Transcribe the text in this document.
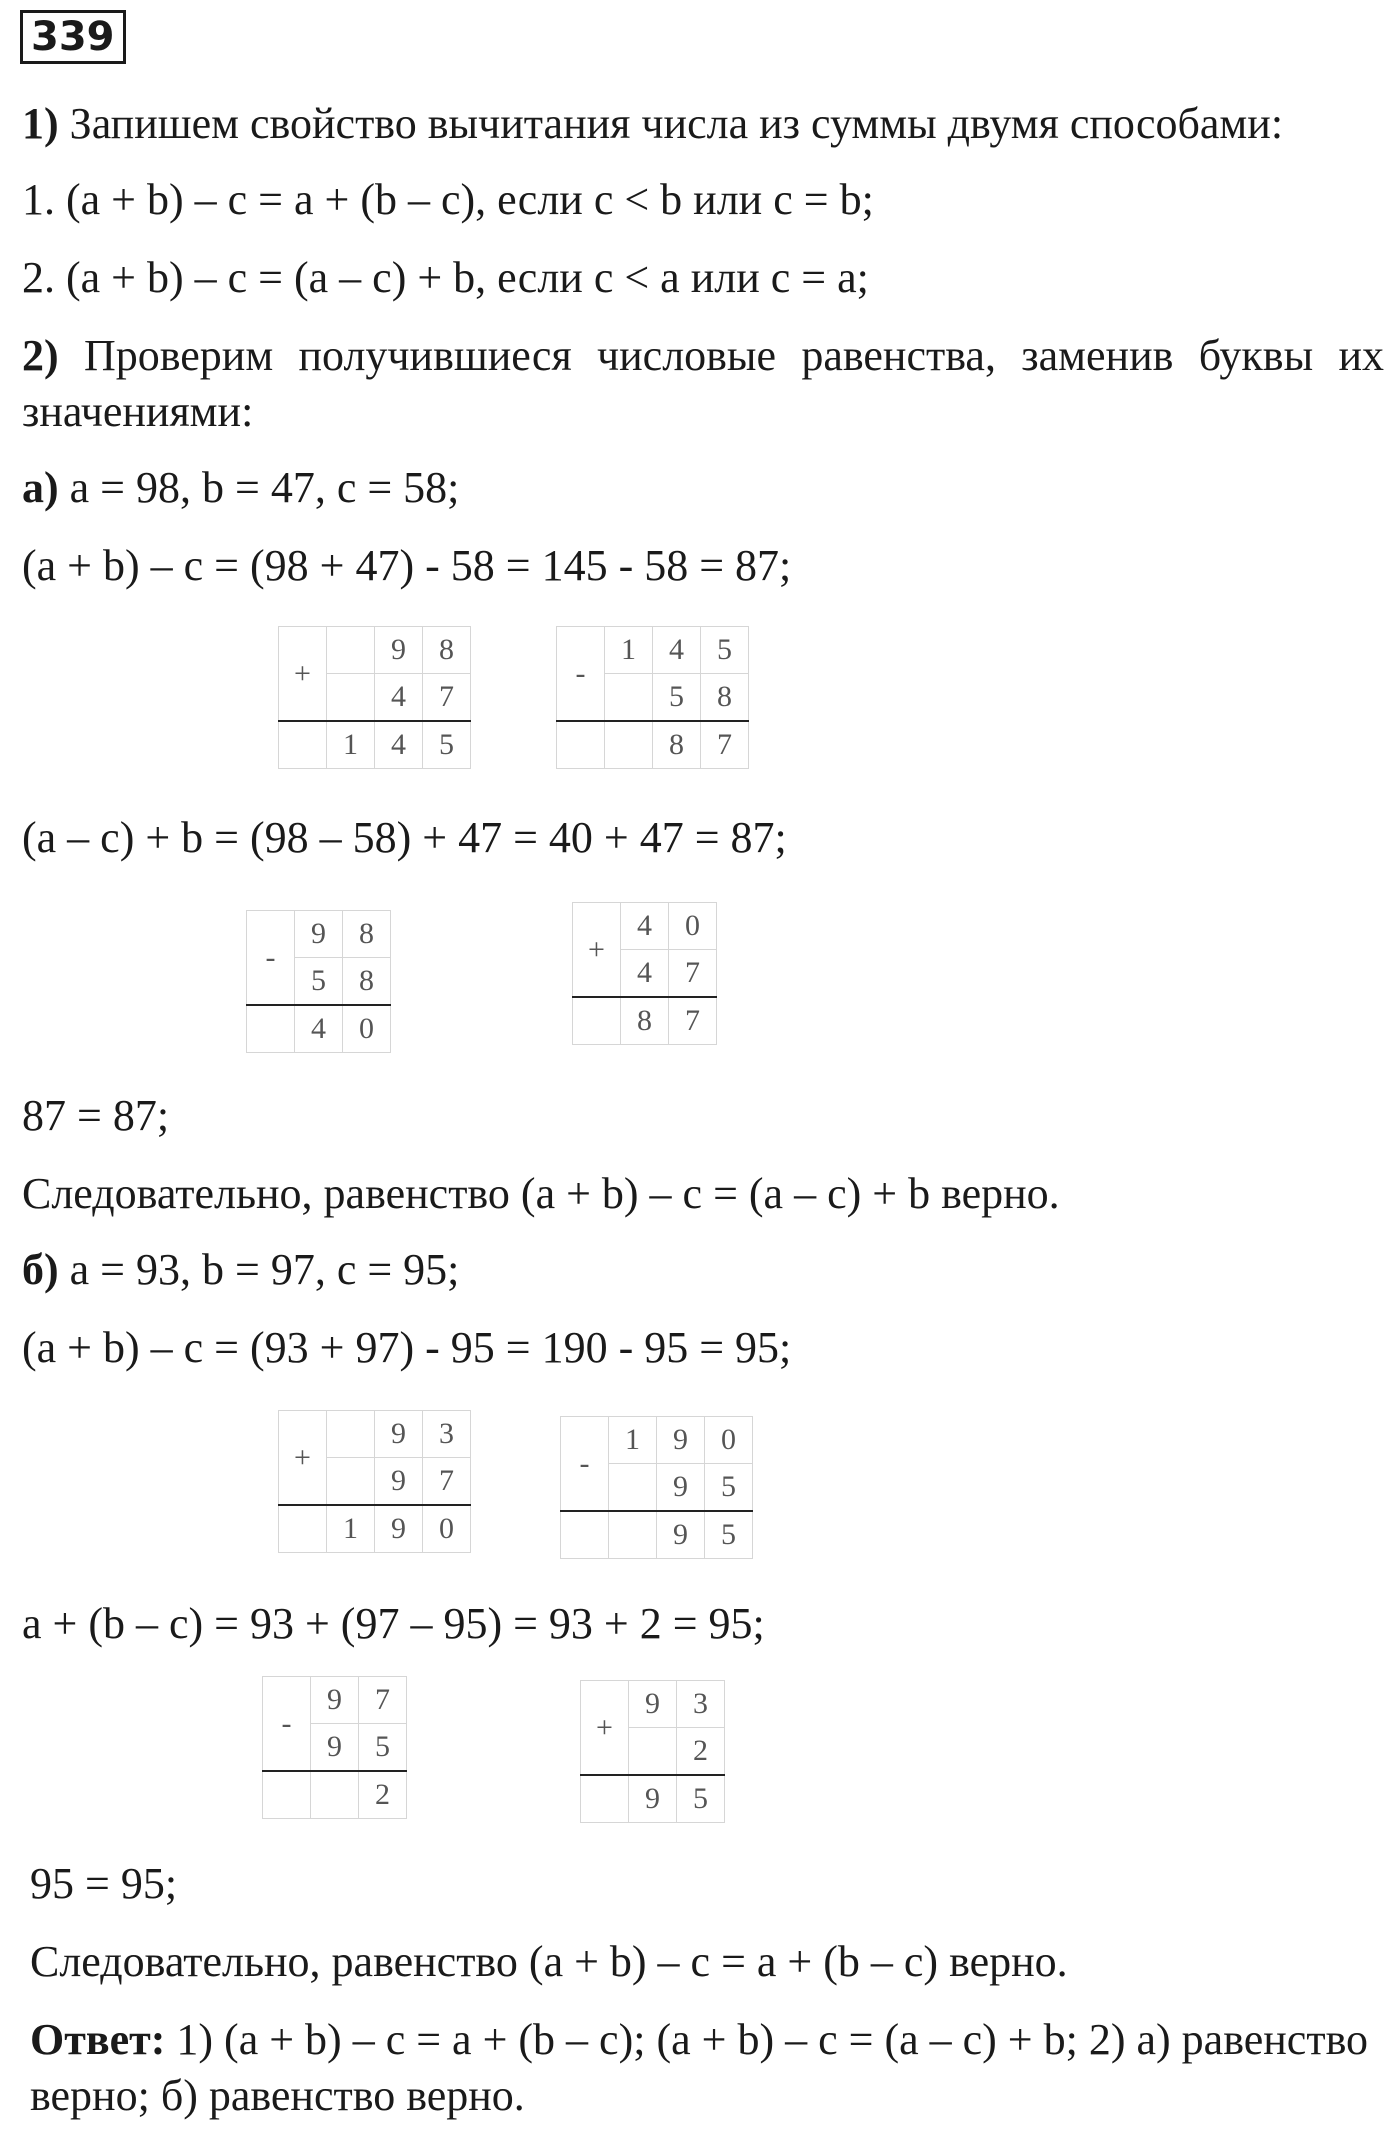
339
1) Запишем свойство вычитания числа из суммы двумя способами:
1. (a + b) – c = a + (b – c), если c < b или c = b;
2. (a + b) – c = (a – c) + b, если c < a или c = a;
2) Проверим получившиеся числовые равенства, заменив буквы их
значениями:
а) a = 98, b = 47, c = 58;
(a + b) – c = (98 + 47) - 58 = 145 - 58 = 87;
+		9	8
		4	7
	1	4	5
-	1	4	5
		5	8
		8	7
(a – c) + b = (98 – 58) + 47 = 40 + 47 = 87;
-	9	8
	5	8
	4	0
+	4	0
	4	7
	8	7
87 = 87;
Следовательно, равенство (a + b) – c = (a – c) + b верно.
б) a = 93, b = 97, c = 95;
(a + b) – c = (93 + 97) - 95 = 190 - 95 = 95;
+		9	3
		9	7
	1	9	0
-	1	9	0
		9	5
		9	5
a + (b – c) = 93 + (97 – 95) = 93 + 2 = 95;
-	9	7
	9	5
		2
+	9	3
		2
	9	5
95 = 95;
Следовательно, равенство (a + b) – c = a + (b – c) верно.
Ответ: 1) (a + b) – c = a + (b – c); (a + b) – c = (a – c) + b; 2) а) равенство
верно; б) равенство верно.
